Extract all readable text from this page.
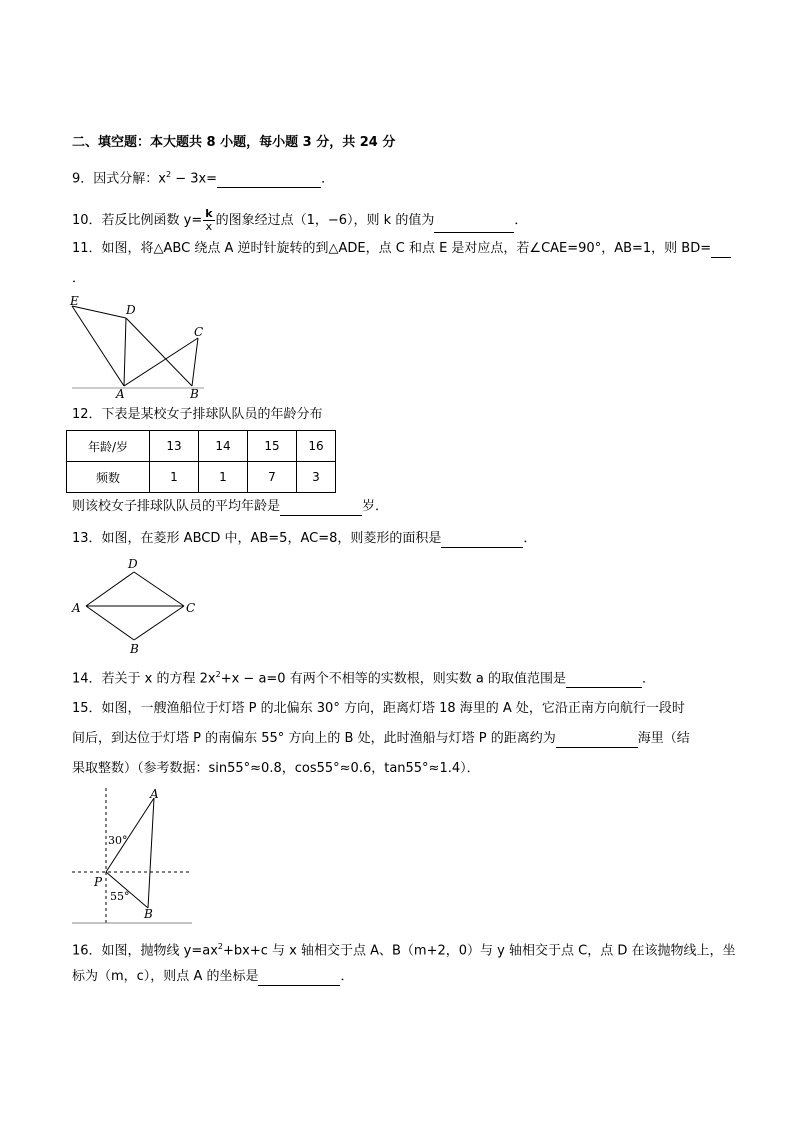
二、填空题：本大题共 8 小题，每小题 3 分，共 24 分
9．因式分解：$x^2 - 3x=$	．
10．若反比例函数 $y= \frac{k}{x}$ 的图象经过点（1，−6），则 k 的值为	．
11．如图，将△ABC 绕点 A 逆时针旋转的到△ADE，点 C 和点 E 是对应点，若∠CAE=90°，AB=1，则 BD=
．
E
D
C
A	B
12．下表是某校女子排球队队员的年龄分布
年龄/岁	13	14	15	16
频数	1	1	7	3
则该校女子排球队队员的平均年龄是	岁．
13．如图，在菱形 ABCD 中，AB=5，AC=8，则菱形的面积是	．
D
A	C
B
14．若关于 x 的方程 $2x^2+x - a=0$ 有两个不相等的实数根，则实数 a 的取值范围是	．
15．如图，一艘渔船位于灯塔 P 的北偏东 30° 方向，距离灯塔 18 海里的 A 处，它沿正南方向航行一段时
间后，到达位于灯塔 P 的南偏东 55° 方向上的 B 处，此时渔船与灯塔 P 的距离约为	海里（结
果取整数）（参考数据：sin55°≈0.8，cos55°≈0.6，tan55°≈1.4）．
A
P
B
30°
55°
16．如图，抛物线 $y=ax^2+bx+c$ 与 x 轴相交于点 A、B（m+2，0）与 y 轴相交于点 C，点 D 在该抛物线上，坐
标为（m，c），则点 A 的坐标是	．
